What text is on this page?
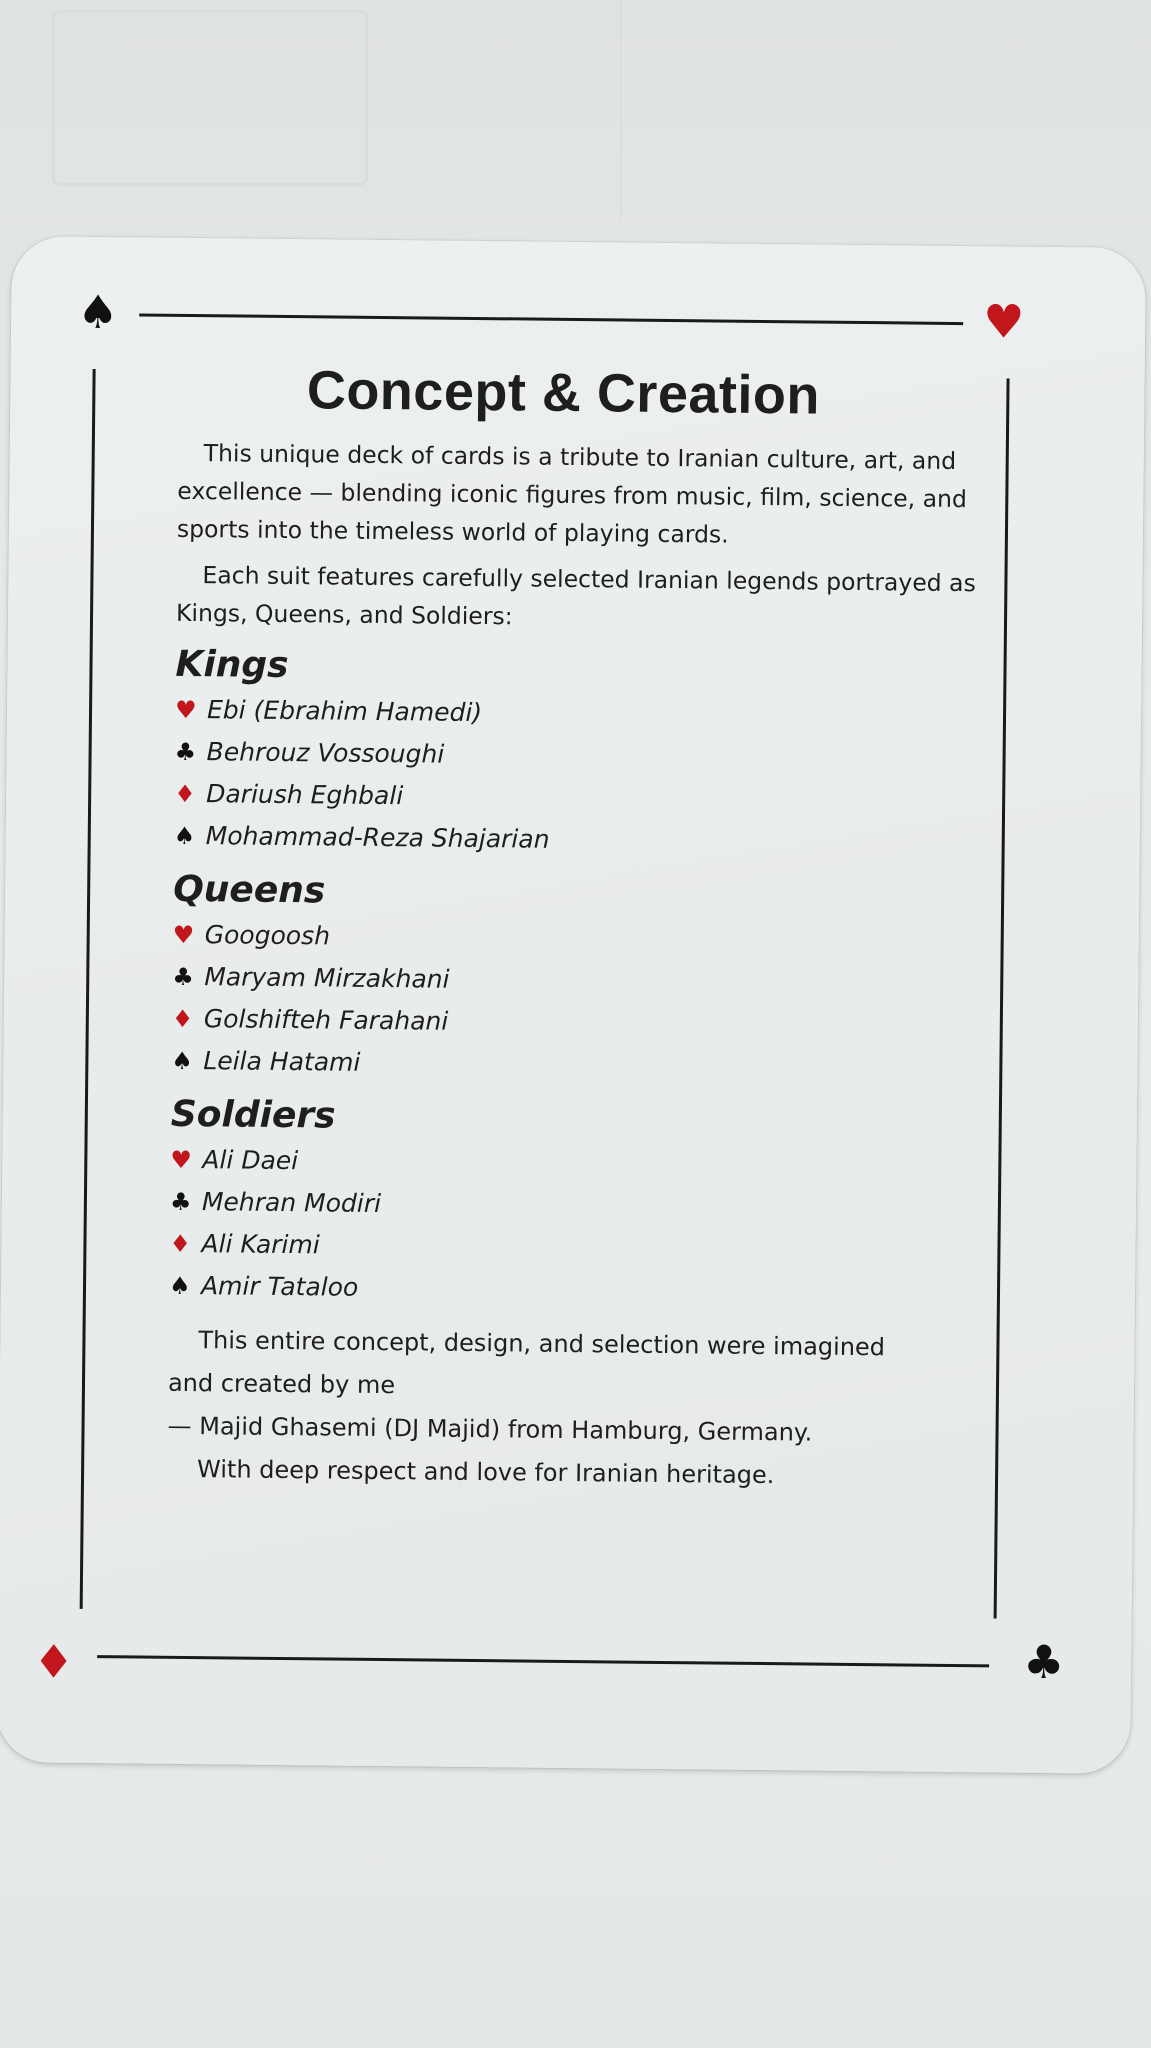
♠	♥
♦	♣
Concept & Creation

This unique deck of cards is a tribute to Iranian culture, art, and excellence — blending iconic figures from music, film, science, and sports into the timeless world of playing cards.

Each suit features carefully selected Iranian legends portrayed as Kings, Queens, and Soldiers:

Kings
♥ Ebi (Ebrahim Hamedi)
♣ Behrouz Vossoughi
♦ Dariush Eghbali
♠ Mohammad-Reza Shajarian
Queens
♥ Googoosh
♣ Maryam Mirzakhani
♦ Golshifteh Farahani
♠ Leila Hatami
Soldiers
♥ Ali Daei
♣ Mehran Modiri
♦ Ali Karimi
♠ Amir Tataloo
This entire concept, design, and selection were imagined
and created by me
— Majid Ghasemi (DJ Majid) from Hamburg, Germany.
With deep respect and love for Iranian heritage.
